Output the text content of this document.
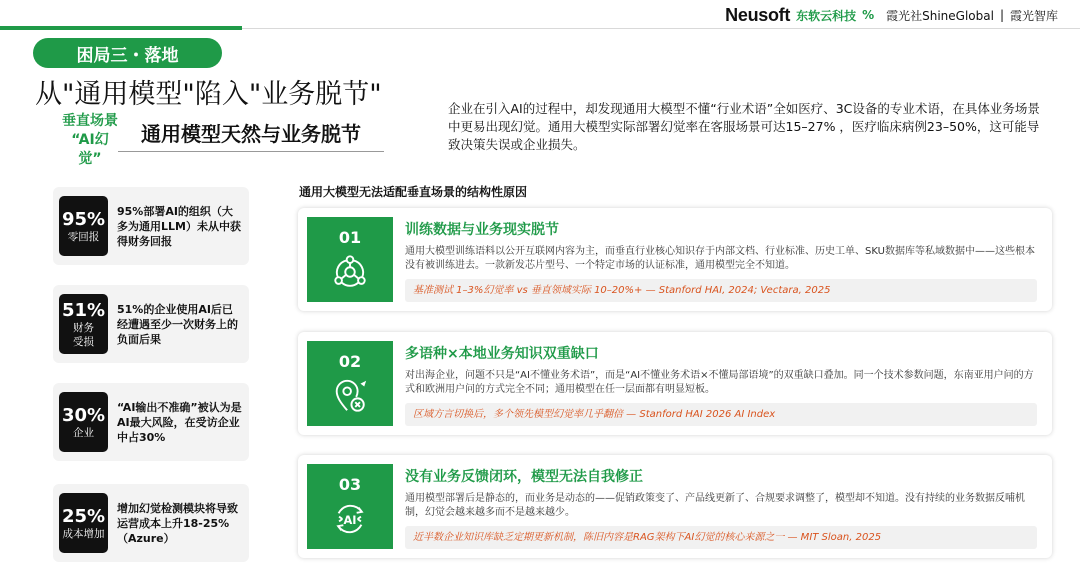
Neusoft 东软云科技 % 霞光社ShineGlobal | 霞光智库
困局三・落地
从"通用模型"陷入"业务脱节"
垂直场景
“AI幻觉”
通用模型天然与业务脱节
企业在引入AI的过程中，却发现通用大模型不懂“行业术语”全如医疗、3C设备的专业术语，在具体业务场景中更易出现幻觉。通用大模型实际部署幻觉率在客服场景可达15–27% ，医疗临床病例23–50%，这可能导致决策失误或企业损失。
95%
零回报
95%部署AI的组织（大多为通用LLM）未从中获得财务回报
51%
财务受损
51%的企业使用AI后已经遭遇至少一次财务上的负面后果
30%
企业
“AI输出不准确”被认为是AI最大风险，在受访企业中占30%
25%
成本增加
增加幻觉检测模块将导致运营成本上升18-25%（Azure）
通用大模型无法适配垂直场景的结构性原因
01	训练数据与业务现实脱节
通用大模型训练语料以公开互联网内容为主，而垂直行业核心知识存于内部文档、行业标准、历史工单、SKU数据库等私域数据中——这些根本没有被训练进去。一款新发芯片型号、一个特定市场的认证标准，通用模型完全不知道。
基准测试 1–3%幻觉率 vs 垂直领域实际 10–20%+ — Stanford HAI, 2024; Vectara, 2025
02	多语种×本地业务知识双重缺口
对出海企业，问题不只是“AI不懂业务术语”，而是“AI不懂业务术语×不懂局部语境”的双重缺口叠加。同一个技术参数问题，东南亚用户问的方式和欧洲用户问的方式完全不同；通用模型在任一层面都有明显短板。
区域方言切换后，多个领先模型幻觉率几乎翻倍 — Stanford HAI 2026 AI Index
03
AI
没有业务反馈闭环，模型无法自我修正
通用模型部署后是静态的，而业务是动态的——促销政策变了、产品线更新了、合规要求调整了，模型却不知道。没有持续的业务数据反哺机制，幻觉会越来越多而不是越来越少。
近半数企业知识库缺乏定期更新机制，陈旧内容是RAG架构下AI幻觉的核心来源之一 — MIT Sloan, 2025
